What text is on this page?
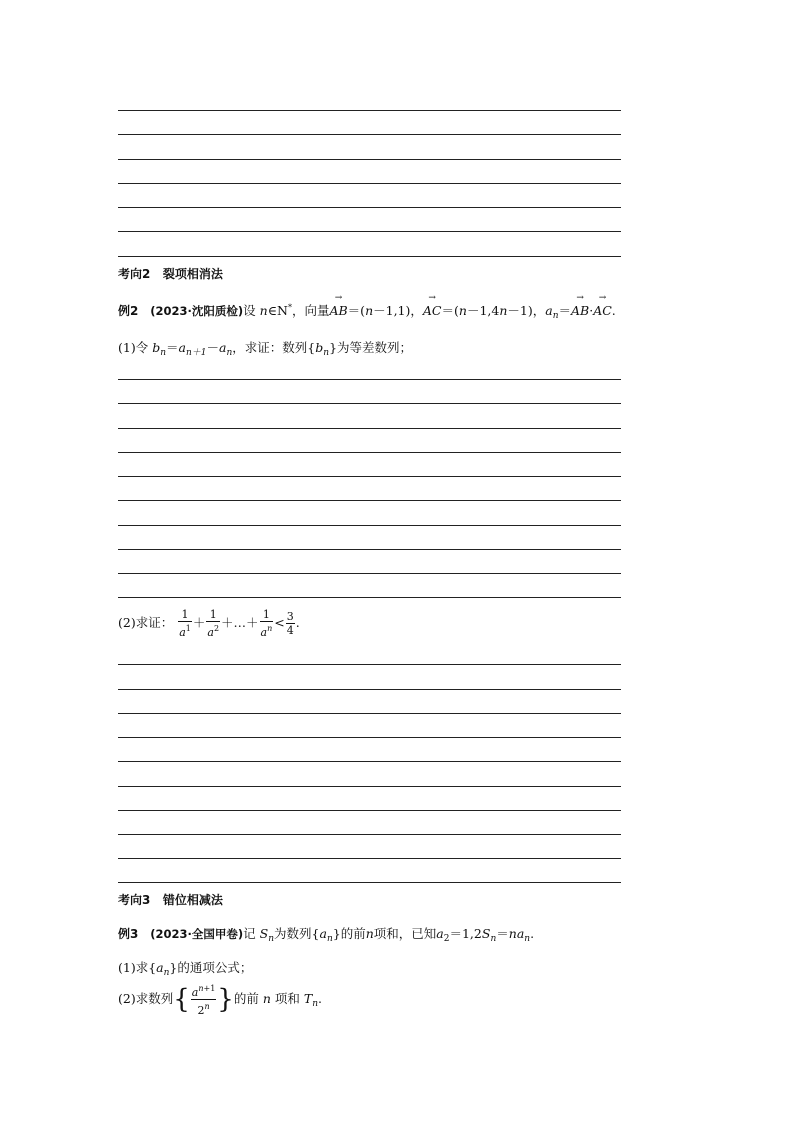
考向2 裂项相消法
例2 (2023·沈阳质检)设 n∈N*，向量→ AB＝(n－1,1)，→ AC＝(n－1,4n－1)，$a_n=\to AB\cdot\to$ AC.
(1)令 $b_n=a_{n+1}-a_n$，求证：数列$\{b_n\}$为等差数列；
(2)求证： $\frac{1}{a^1} + \frac{1}{a^2}$ ＋…＋ $\frac{1}{a^n} < \frac{3}{4}$ .
考向3 错位相减法
例3 (2023·全国甲卷)记 $S_n$为数列$\{a_n\}$的前n项和，已知$a_2=1,2S_n=na_n$.
(1)求$\{a_n\}$的通项公式；
(2)求数列{ $\frac{a^{n+1}}{2^n}$ }的前 n 项和 $T_n$.
